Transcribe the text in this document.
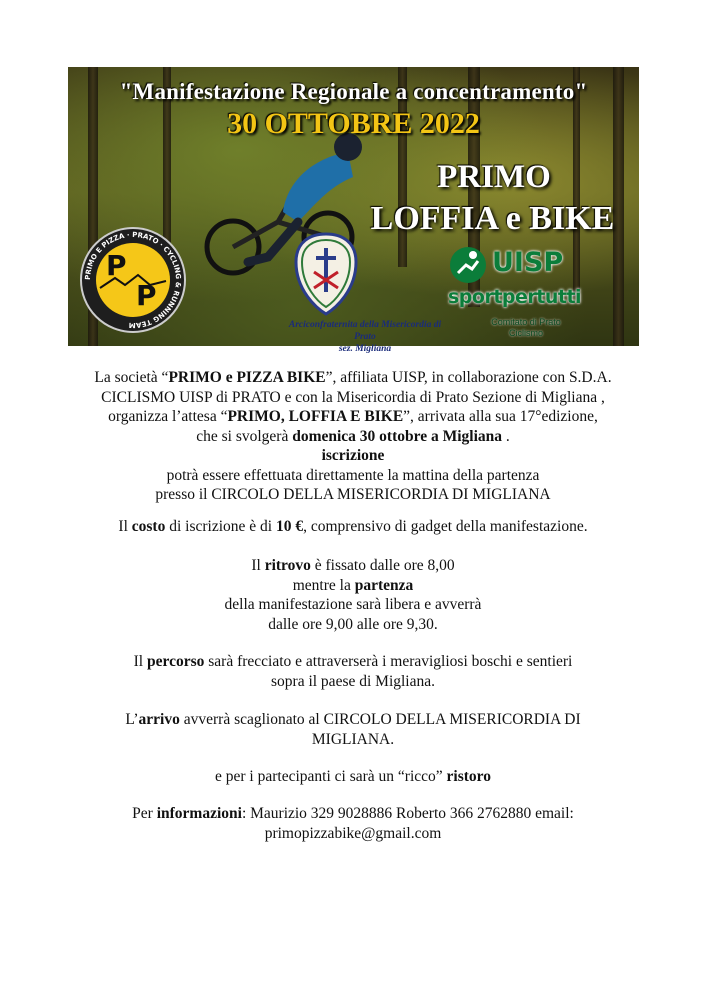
"Manifestazione Regionale a concentramento"
30 OTTOBRE 2022
PRIMO
LOFFIA e BIKE
PRIMO E PIZZA · PRATO · CYCLING & RUNNING TEAM
P
P
Arciconfraternita della Misericordia di Prato
sez. Migliana
UISP
sportpertutti
Comitato di Prato
Ciclismo
La società “PRIMO e PIZZA BIKE”, affiliata UISP, in collaborazione con S.D.A.
CICLISMO UISP di PRATO e con la Misericordia di Prato Sezione di Migliana ,
organizza l’attesa “PRIMO, LOFFIA E BIKE”, arrivata alla sua 17°edizione,
che si svolgerà domenica 30 ottobre a Migliana .
iscrizione
potrà essere effettuata direttamente la mattina della partenza
presso il CIRCOLO DELLA MISERICORDIA DI MIGLIANA
Il costo di iscrizione è di 10 €, comprensivo di gadget della manifestazione.
Il ritrovo è fissato dalle ore 8,00
mentre la partenza
della manifestazione sarà libera e avverrà
dalle ore 9,00 alle ore 9,30.
Il percorso sarà frecciato e attraverserà i meravigliosi boschi e sentieri
sopra il paese di Migliana.
L’arrivo avverrà scaglionato al CIRCOLO DELLA MISERICORDIA DI
MIGLIANA.
e per i partecipanti ci sarà un “ricco” ristoro
Per informazioni: Maurizio 329 9028886 Roberto 366 2762880 email:
primopizzabike@gmail.com
